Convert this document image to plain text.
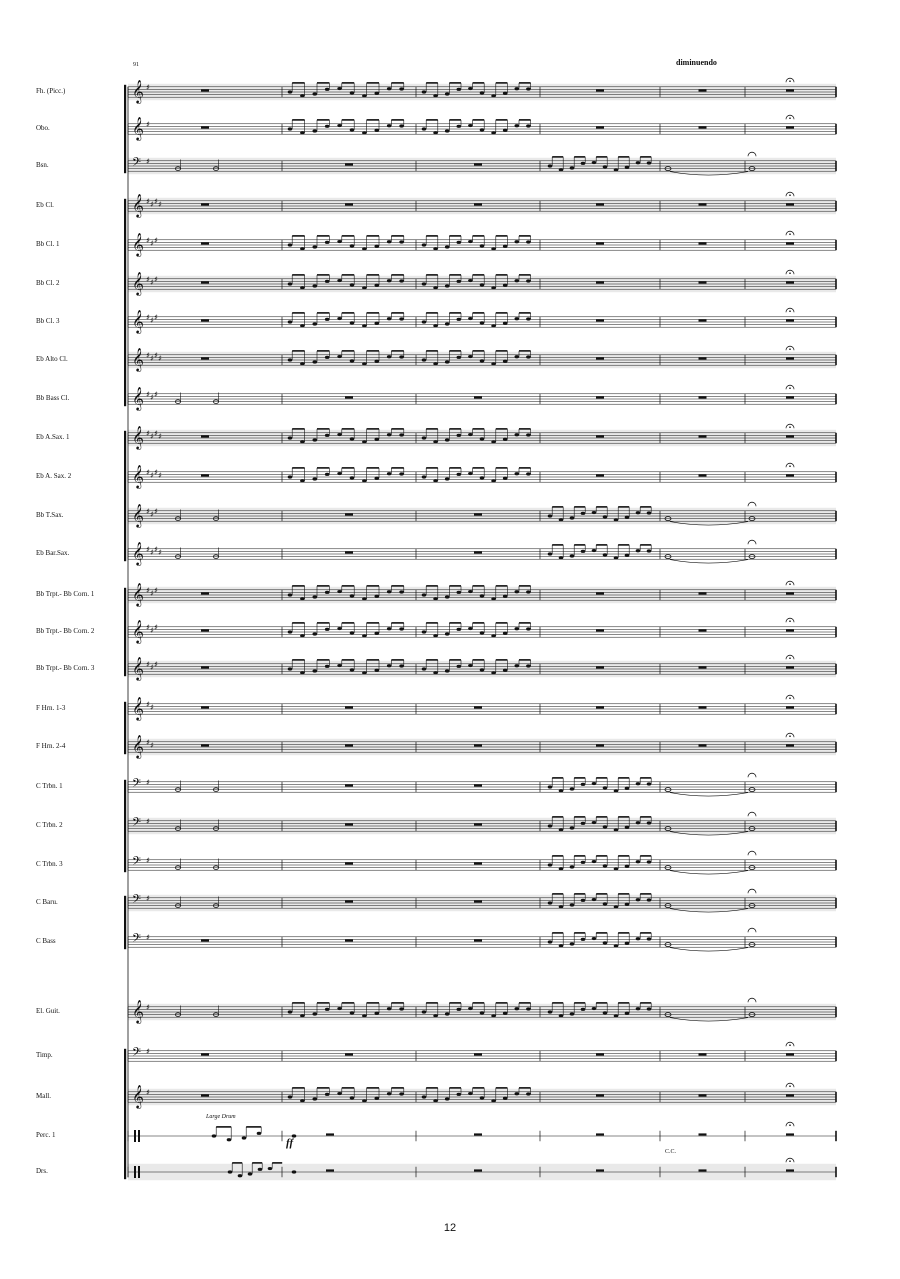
𝄞 ♯
𝄞 ♯
𝄢 ♯
𝄞 ♯ ♯ ♯ ♯
𝄞 ♯ ♯ ♯
𝄞 ♯ ♯ ♯
𝄞 ♯ ♯ ♯
𝄞 ♯ ♯ ♯ ♯
𝄞 ♯ ♯ ♯
𝄞 ♯ ♯ ♯ ♯
𝄞 ♯ ♯ ♯ ♯
𝄞 ♯ ♯ ♯
𝄞 ♯ ♯ ♯ ♯
𝄞 ♯ ♯ ♯
𝄞 ♯ ♯ ♯
𝄞 ♯ ♯ ♯
𝄞 ♯ ♯
𝄞 ♯ ♯
𝄢 ♯
𝄢 ♯
𝄢 ♯
𝄢 ♯
𝄢 ♯
𝄞 ♯
𝄢 ♯
𝄞 ♯
Fh. (Picc.)
Obo.
Bsn.
Eb Cl.
Bb Cl. 1
Bb Cl. 2
Bb Cl. 3
Eb Alto Cl.
Bb Bass Cl.
Eb A.Sax. 1
Eb A. Sax. 2
Bb T.Sax.
Eb Bar.Sax.
Bb Trpt.- Bb Corn. 1
Bb Trpt.- Bb Corn. 2
Bb Trpt.- Bb Corn. 3
F Hrn. 1-3
F Hrn. 2-4
C Trbn. 1
C Trbn. 2
C Trbn. 3
C Baru.
C Bass
El. Guit.
Timp.
Mall.
Perc. 1
Drs.
91	diminuendo
ff
Large Drum
C.C.
12
